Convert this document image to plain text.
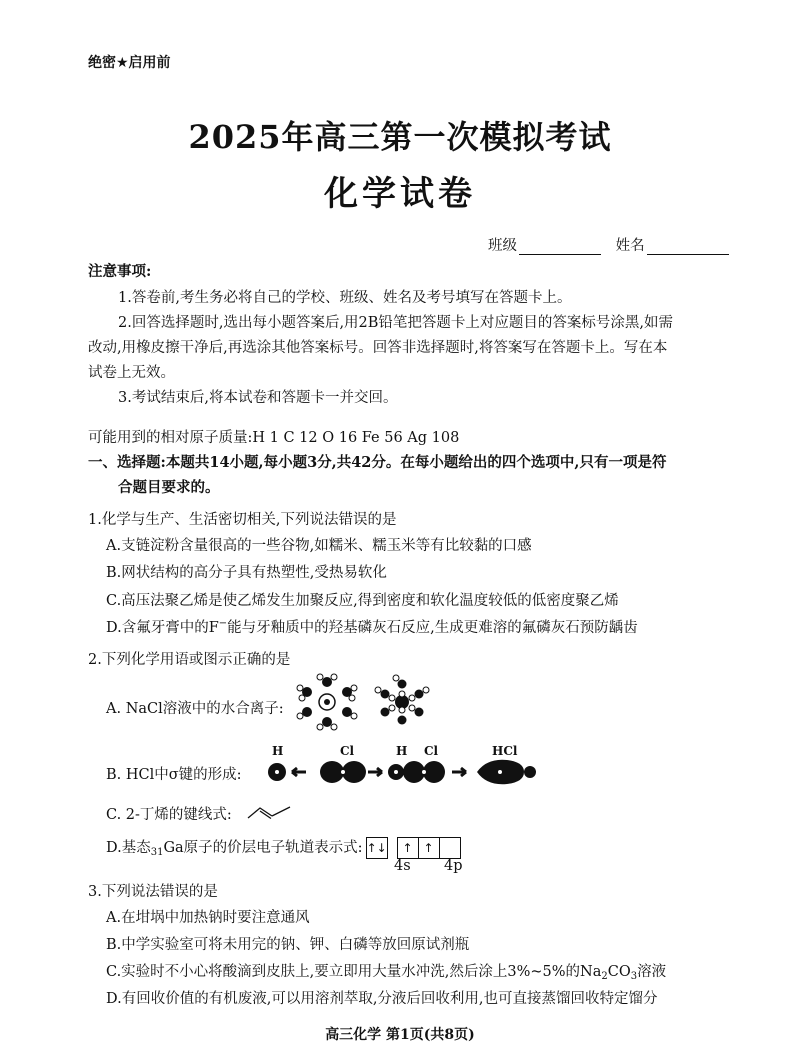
绝密★启用前
2025年高三第一次模拟考试
化学试卷
班级	姓名
注意事项:
1.答卷前,考生务必将自己的学校、班级、姓名及考号填写在答题卡上。
2.回答选择题时,选出每小题答案后,用2B铅笔把答题卡上对应题目的答案标号涂黑,如需
改动,用橡皮擦干净后,再选涂其他答案标号。回答非选择题时,将答案写在答题卡上。写在本
试卷上无效。
3.考试结束后,将本试卷和答题卡一并交回。
可能用到的相对原子质量:H 1 C 12 O 16 Fe 56 Ag 108
一、选择题:本题共14小题,每小题3分,共42分。在每小题给出的四个选项中,只有一项是符
合题目要求的。
1.化学与生产、生活密切相关,下列说法错误的是
A.支链淀粉含量很高的一些谷物,如糯米、糯玉米等有比较黏的口感
B.网状结构的高分子具有热塑性,受热易软化
C.高压法聚乙烯是使乙烯发生加聚反应,得到密度和软化温度较低的低密度聚乙烯
D.含氟牙膏中的F−能与牙釉质中的羟基磷灰石反应,生成更难溶的氟磷灰石预防龋齿
2.下列化学用语或图示正确的是
A. NaCl溶液中的水合离子:
B. HCl中σ键的形成:
H	Cl	H Cl	HCl
C. 2-丁烯的键线式:
D.基态$_{31}$Ga原子的价层电子轨道表示式: ↑↓ ↑ ↑
4s 4p
3.下列说法错误的是
A.在坩埚中加热钠时要注意通风
B.中学实验室可将未用完的钠、钾、白磷等放回原试剂瓶
C.实验时不小心将酸滴到皮肤上,要立即用大量水冲洗,然后涂上3%~5%的$Na_2CO_3$溶液
D.有回收价值的有机废液,可以用溶剂萃取,分液后回收利用,也可直接蒸馏回收特定馏分
高三化学 第1页(共8页)
